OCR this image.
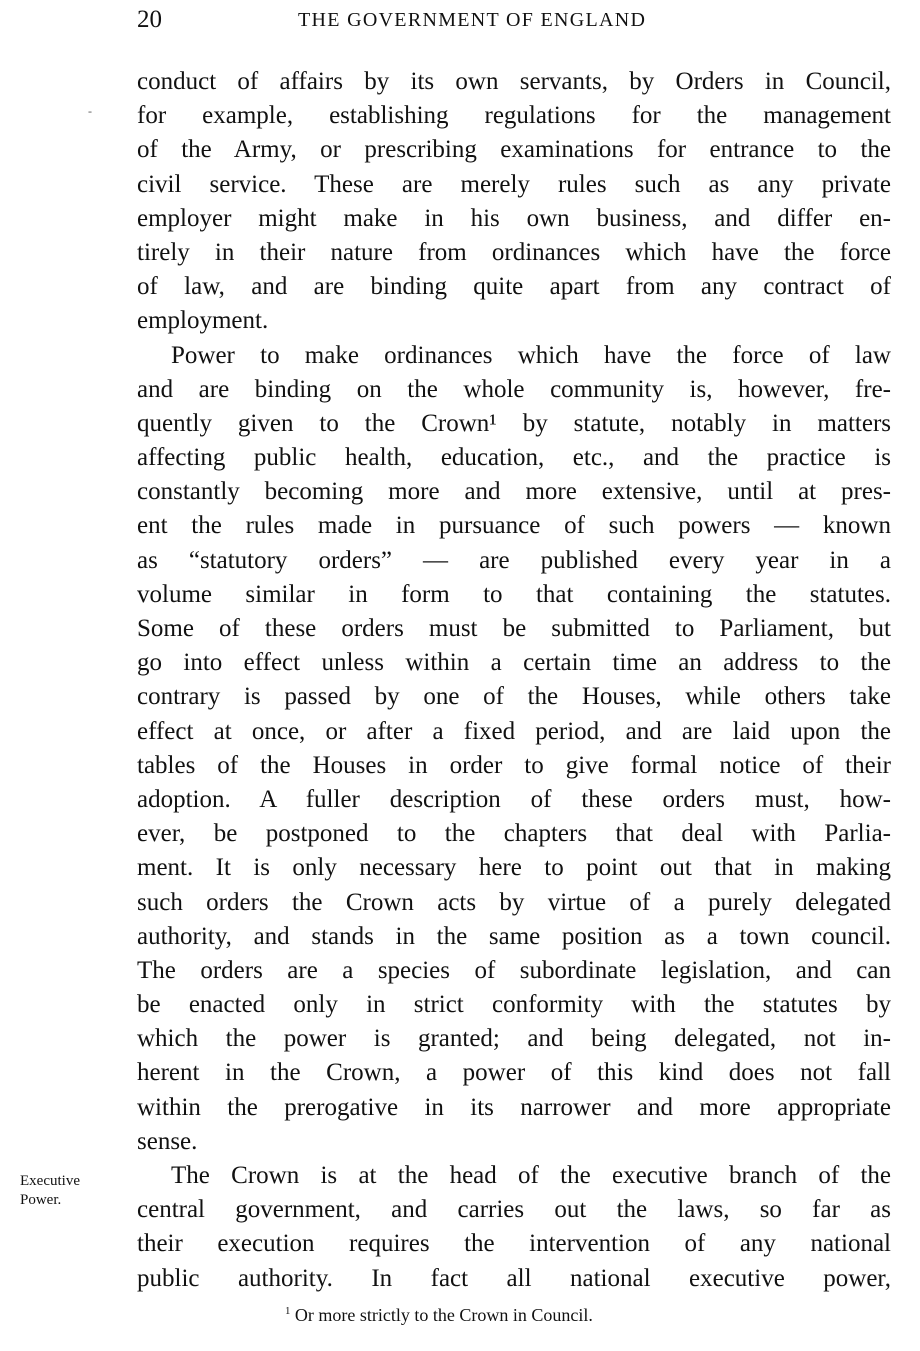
20	THE GOVERNMENT OF ENGLAND
-
conduct of affairs by its own servants, by Orders in Council,
for example, establishing regulations for the management
of the Army, or prescribing examinations for entrance to the
civil service. These are merely rules such as any private
employer might make in his own business, and differ en-
tirely in their nature from ordinances which have the force
of law, and are binding quite apart from any contract of
employment.
Power to make ordinances which have the force of law
and are binding on the whole community is, however, fre-
quently given to the Crown¹ by statute, notably in matters
affecting public health, education, etc., and the practice is
constantly becoming more and more extensive, until at pres-
ent the rules made in pursuance of such powers — known
as “statutory orders” — are published every year in a
volume similar in form to that containing the statutes.
Some of these orders must be submitted to Parliament, but
go into effect unless within a certain time an address to the
contrary is passed by one of the Houses, while others take
effect at once, or after a fixed period, and are laid upon the
tables of the Houses in order to give formal notice of their
adoption. A fuller description of these orders must, how-
ever, be postponed to the chapters that deal with Parlia-
ment. It is only necessary here to point out that in making
such orders the Crown acts by virtue of a purely delegated
authority, and stands in the same position as a town council.
The orders are a species of subordinate legislation, and can
be enacted only in strict conformity with the statutes by
which the power is granted; and being delegated, not in-
herent in the Crown, a power of this kind does not fall
within the prerogative in its narrower and more appropriate
sense.
The Crown is at the head of the executive branch of the
central government, and carries out the laws, so far as
their execution requires the intervention of any national
public authority. In fact all national executive power,
Executive
Power.
$^1$ Or more strictly to the Crown in Council.
